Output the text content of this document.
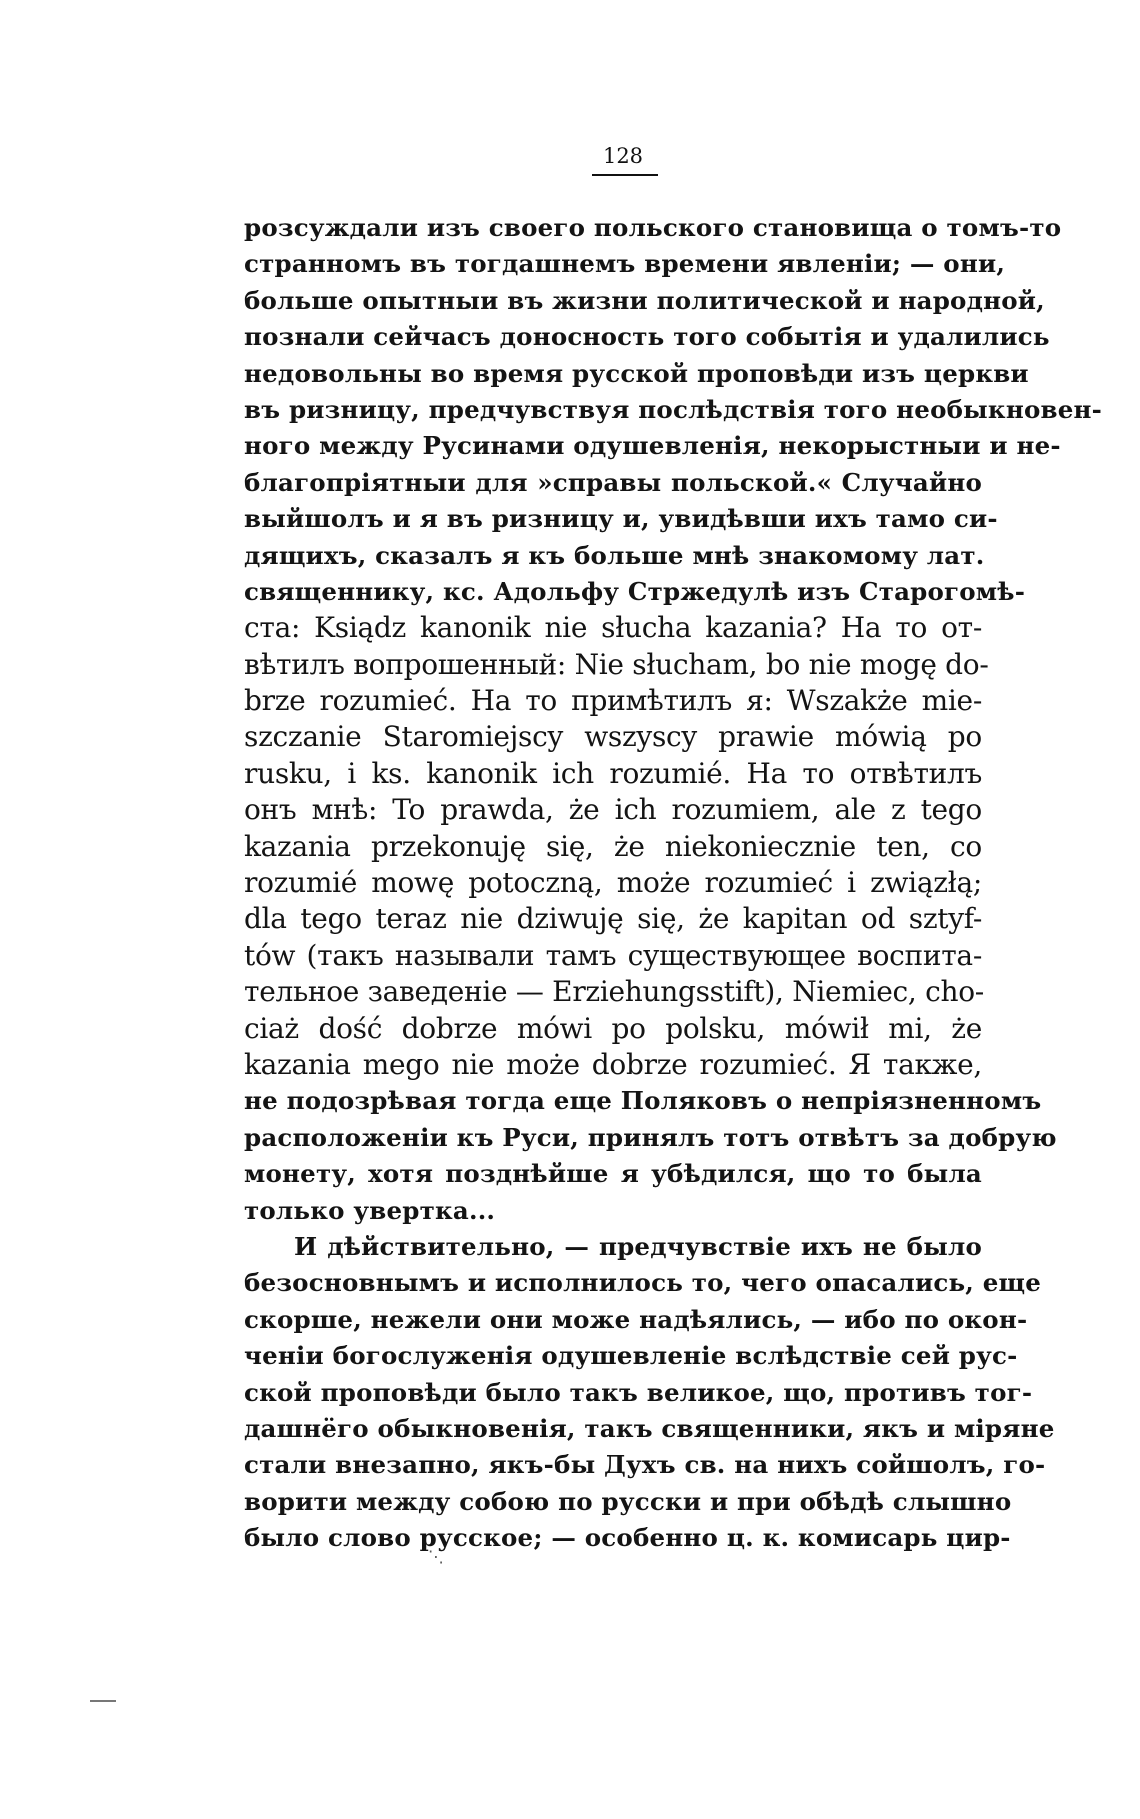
128
розсуждали изъ своего польского становища о томъ-то
странномъ въ тогдашнемъ времени явленiи; — они,
больше опытныи въ жизни политической и народной,
познали сейчасъ доносность того событiя и удалились
недовольны во время русской проповѣди изъ церкви
въ ризницу, предчувствуя послѣдствiя того необыкновен-
ного между Русинами одушевленiя, некорыстныи и не-
благопрiятныи для »справы польской.« Случайно
выйшолъ и я въ ризницу и, увидѣвши ихъ тамо си-
дящихъ, сказалъ я къ больше мнѣ знакомому лат.
священнику, кс. Адольфу Стржедулѣ изъ Старогомѣ-
ста: Ksiądz kanonik nie słucha kazania? На то от-
вѣтилъ вопрошенный: Nie słucham, bo nie mogę do-
brze rozumieć. На то примѣтилъ я: Wszakże mie-
szczanie Staromiejscy wszyscy prawie mówią po
rusku, i ks. kanonik ich rozumié. На то отвѣтилъ
онъ мнѣ: To prawda, że ich rozumiem, ale z tego
kazania przekonuję się, że niekoniecznie ten, co
rozumié mowę potoczną, może rozumieć i związłą;
dla tego teraz nie dziwuję się, że kapitan od sztyf-
tów (такъ называли тамъ существующее воспита-
тельное заведенiе — Erziehungsstift), Niemiec, cho-
ciaż dość dobrze mówi po polsku, mówił mi, że
kazania mego nie może dobrze rozumieć. Я также,
не подозрѣвая тогда еще Поляковъ о непрiязненномъ
расположенiи къ Руси, принялъ тотъ отвѣтъ за добрую
монету, хотя позднѣйше я убѣдился, що то была
только увертка...
И дѣйствительно, — предчувствiе ихъ не было
безосновнымъ и исполнилось то, чего опасались, еще
скорше, нежели они може надѣялись, — ибо по окон-
ченiи богослуженiя одушевленiе вслѣдствiе сей рус-
ской проповѣди было такъ великое, що, противъ тог-
дашнёго обыкновенiя, такъ священники, якъ и мiряне
стали внезапно, якъ-бы Духъ св. на нихъ сойшолъ, го-
ворити между собою по русски и при обѣдѣ слышно
было слово русское; — особенно ц. к. комисарь цир-
⋱
